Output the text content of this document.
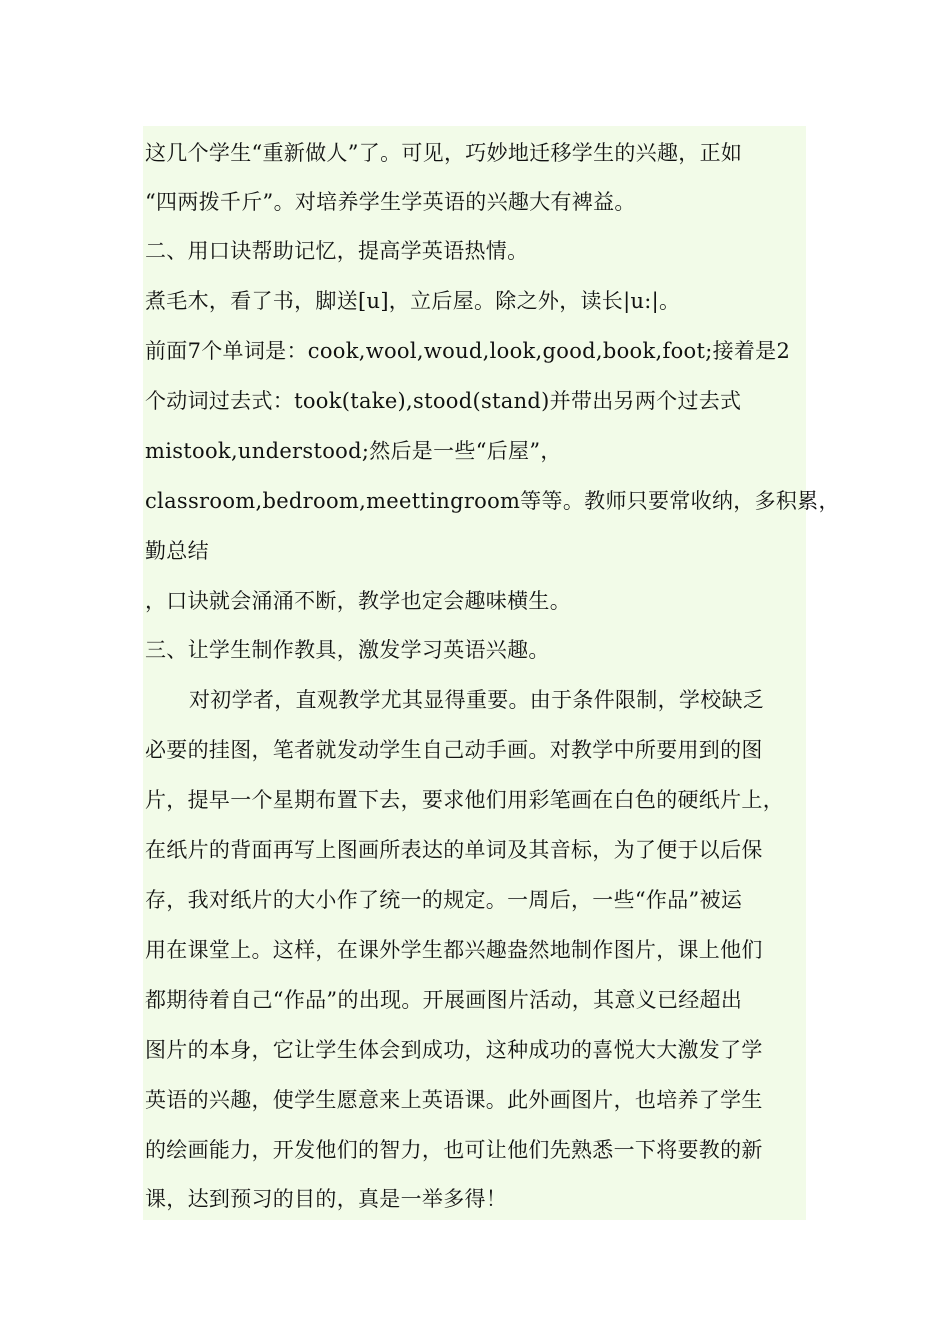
这几个学生“重新做人”了。可见，巧妙地迁移学生的兴趣，正如
“四两拨千斤”。对培养学生学英语的兴趣大有裨益。
二、用口诀帮助记忆，提高学英语热情。
煮毛木，看了书，脚送[u]，立后屋。除之外，读长|u:|。
前面7个单词是：cook,wool,woud,look,good,book,foot;接着是2
个动词过去式：took(take),stood(stand)并带出另两个过去式
mistook,understood;然后是一些“后屋”，
classroom,bedroom,meettingroom等等。教师只要常收纳，多积累，
勤总结
，口诀就会涌涌不断，教学也定会趣味横生。
三、让学生制作教具，激发学习英语兴趣。
对初学者，直观教学尤其显得重要。由于条件限制，学校缺乏
必要的挂图，笔者就发动学生自己动手画。对教学中所要用到的图
片，提早一个星期布置下去，要求他们用彩笔画在白色的硬纸片上，
在纸片的背面再写上图画所表达的单词及其音标，为了便于以后保
存，我对纸片的大小作了统一的规定。一周后，一些“作品”被运
用在课堂上。这样，在课外学生都兴趣盎然地制作图片，课上他们
都期待着自己“作品”的出现。开展画图片活动，其意义已经超出
图片的本身，它让学生体会到成功，这种成功的喜悦大大激发了学
英语的兴趣，使学生愿意来上英语课。此外画图片，也培养了学生
的绘画能力，开发他们的智力，也可让他们先熟悉一下将要教的新
课，达到预习的目的，真是一举多得！
